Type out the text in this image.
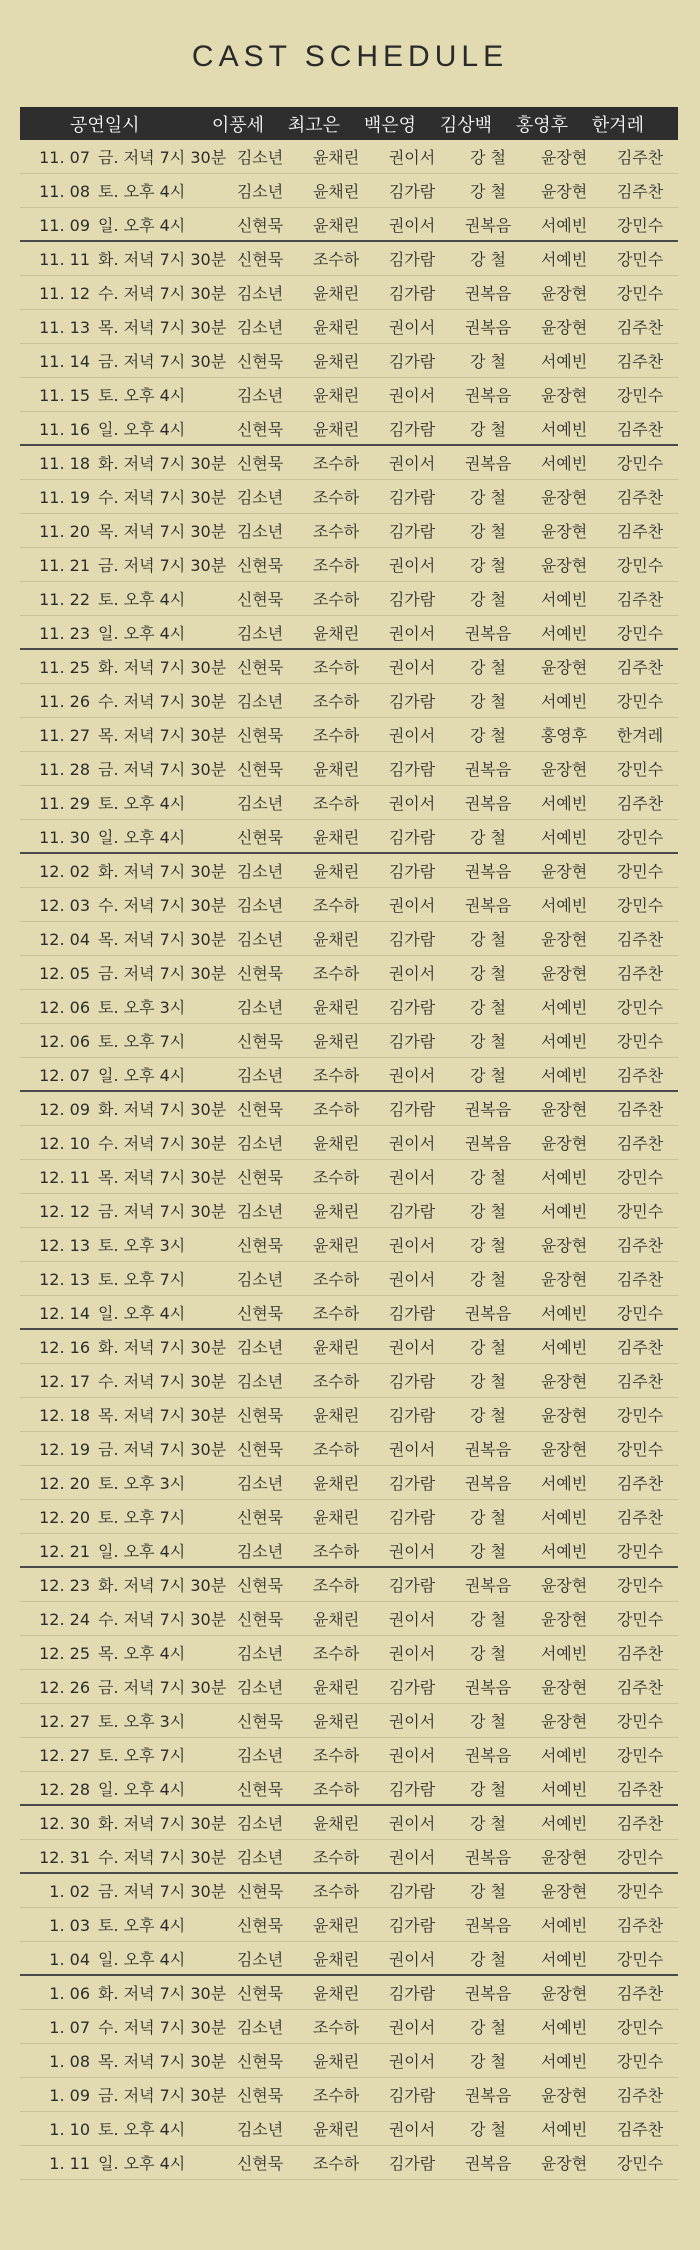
CAST SCHEDULE
공연일시	이풍세	최고은	백은영	김상백	홍영후	한겨레
11. 07 금. 저녁 7시 30분 김소년	윤채린	권이서	강 철	윤장현	김주찬
11. 08 토. 오후 4시	김소년	윤채린	김가람	강 철	윤장현	김주찬
11. 09 일. 오후 4시	신현묵	윤채린	권이서	권복음	서예빈	강민수
11. 11 화. 저녁 7시 30분 신현묵	조수하	김가람	강 철	서예빈	강민수
11. 12 수. 저녁 7시 30분 김소년	윤채린	김가람	권복음	윤장현	강민수
11. 13 목. 저녁 7시 30분 김소년	윤채린	권이서	권복음	윤장현	김주찬
11. 14 금. 저녁 7시 30분 신현묵	윤채린	김가람	강 철	서예빈	김주찬
11. 15 토. 오후 4시	김소년	윤채린	권이서	권복음	윤장현	강민수
11. 16 일. 오후 4시	신현묵	윤채린	김가람	강 철	서예빈	김주찬
11. 18 화. 저녁 7시 30분 신현묵	조수하	권이서	권복음	서예빈	강민수
11. 19 수. 저녁 7시 30분 김소년	조수하	김가람	강 철	윤장현	김주찬
11. 20 목. 저녁 7시 30분 김소년	조수하	김가람	강 철	윤장현	김주찬
11. 21 금. 저녁 7시 30분 신현묵	조수하	권이서	강 철	윤장현	강민수
11. 22 토. 오후 4시	신현묵	조수하	김가람	강 철	서예빈	김주찬
11. 23 일. 오후 4시	김소년	윤채린	권이서	권복음	서예빈	강민수
11. 25 화. 저녁 7시 30분 신현묵	조수하	권이서	강 철	윤장현	김주찬
11. 26 수. 저녁 7시 30분 김소년	조수하	김가람	강 철	서예빈	강민수
11. 27 목. 저녁 7시 30분 신현묵	조수하	권이서	강 철	홍영후	한겨레
11. 28 금. 저녁 7시 30분 신현묵	윤채린	김가람	권복음	윤장현	강민수
11. 29 토. 오후 4시	김소년	조수하	권이서	권복음	서예빈	김주찬
11. 30 일. 오후 4시	신현묵	윤채린	김가람	강 철	서예빈	강민수
12. 02 화. 저녁 7시 30분 김소년	윤채린	김가람	권복음	윤장현	강민수
12. 03 수. 저녁 7시 30분 김소년	조수하	권이서	권복음	서예빈	강민수
12. 04 목. 저녁 7시 30분 김소년	윤채린	김가람	강 철	윤장현	김주찬
12. 05 금. 저녁 7시 30분 신현묵	조수하	권이서	강 철	윤장현	김주찬
12. 06 토. 오후 3시	김소년	윤채린	김가람	강 철	서예빈	강민수
12. 06 토. 오후 7시	신현묵	윤채린	김가람	강 철	서예빈	강민수
12. 07 일. 오후 4시	김소년	조수하	권이서	강 철	서예빈	김주찬
12. 09 화. 저녁 7시 30분 신현묵	조수하	김가람	권복음	윤장현	김주찬
12. 10 수. 저녁 7시 30분 김소년	윤채린	권이서	권복음	윤장현	김주찬
12. 11 목. 저녁 7시 30분 신현묵	조수하	권이서	강 철	서예빈	강민수
12. 12 금. 저녁 7시 30분 김소년	윤채린	김가람	강 철	서예빈	강민수
12. 13 토. 오후 3시	신현묵	윤채린	권이서	강 철	윤장현	김주찬
12. 13 토. 오후 7시	김소년	조수하	권이서	강 철	윤장현	김주찬
12. 14 일. 오후 4시	신현묵	조수하	김가람	권복음	서예빈	강민수
12. 16 화. 저녁 7시 30분 김소년	윤채린	권이서	강 철	서예빈	김주찬
12. 17 수. 저녁 7시 30분 김소년	조수하	김가람	강 철	윤장현	김주찬
12. 18 목. 저녁 7시 30분 신현묵	윤채린	김가람	강 철	윤장현	강민수
12. 19 금. 저녁 7시 30분 신현묵	조수하	권이서	권복음	윤장현	강민수
12. 20 토. 오후 3시	김소년	윤채린	김가람	권복음	서예빈	김주찬
12. 20 토. 오후 7시	신현묵	윤채린	김가람	강 철	서예빈	김주찬
12. 21 일. 오후 4시	김소년	조수하	권이서	강 철	서예빈	강민수
12. 23 화. 저녁 7시 30분 신현묵	조수하	김가람	권복음	윤장현	강민수
12. 24 수. 저녁 7시 30분 신현묵	윤채린	권이서	강 철	윤장현	강민수
12. 25 목. 오후 4시	김소년	조수하	권이서	강 철	서예빈	김주찬
12. 26 금. 저녁 7시 30분 김소년	윤채린	김가람	권복음	윤장현	김주찬
12. 27 토. 오후 3시	신현묵	윤채린	권이서	강 철	윤장현	강민수
12. 27 토. 오후 7시	김소년	조수하	권이서	권복음	서예빈	강민수
12. 28 일. 오후 4시	신현묵	조수하	김가람	강 철	서예빈	김주찬
12. 30 화. 저녁 7시 30분 김소년	윤채린	권이서	강 철	서예빈	김주찬
12. 31 수. 저녁 7시 30분 김소년	조수하	권이서	권복음	윤장현	강민수
1. 02 금. 저녁 7시 30분 신현묵	조수하	김가람	강 철	윤장현	강민수
1. 03 토. 오후 4시	신현묵	윤채린	김가람	권복음	서예빈	김주찬
1. 04 일. 오후 4시	김소년	윤채린	권이서	강 철	서예빈	강민수
1. 06 화. 저녁 7시 30분 신현묵	윤채린	김가람	권복음	윤장현	김주찬
1. 07 수. 저녁 7시 30분 김소년	조수하	권이서	강 철	서예빈	강민수
1. 08 목. 저녁 7시 30분 신현묵	윤채린	권이서	강 철	서예빈	강민수
1. 09 금. 저녁 7시 30분 신현묵	조수하	김가람	권복음	윤장현	김주찬
1. 10 토. 오후 4시	김소년	윤채린	권이서	강 철	서예빈	김주찬
1. 11 일. 오후 4시	신현묵	조수하	김가람	권복음	윤장현	강민수
